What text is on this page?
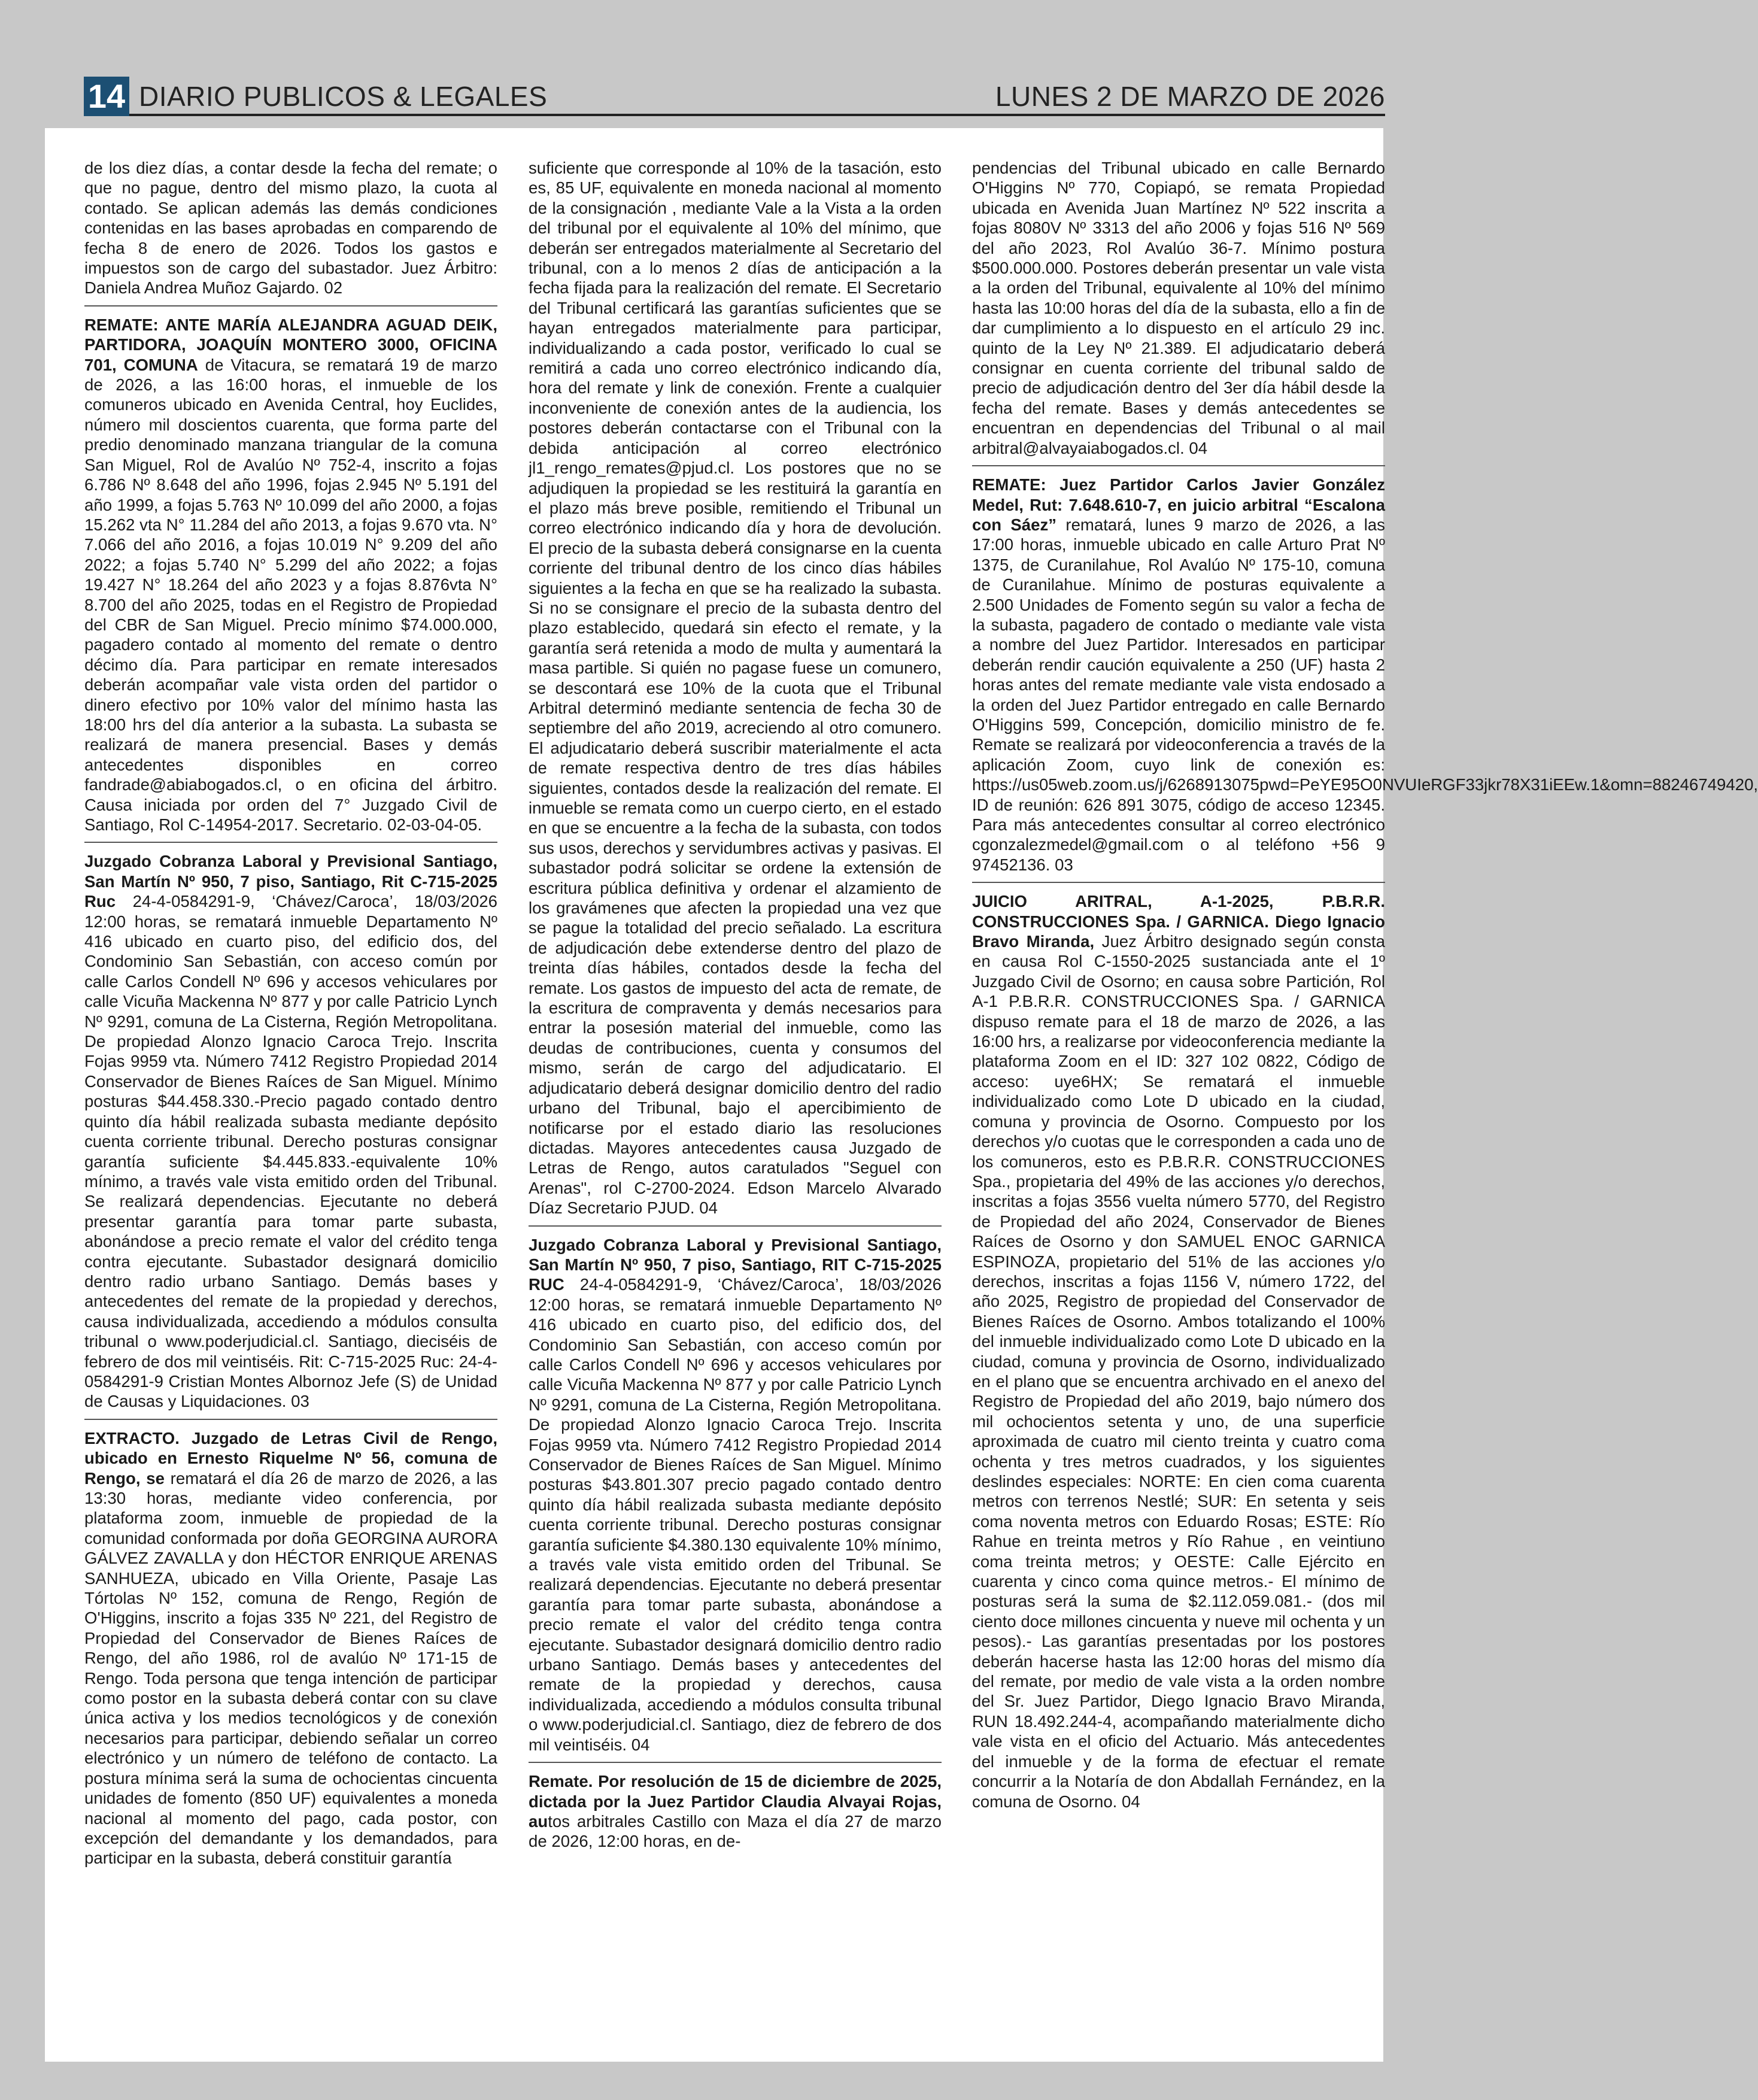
14 DIARIO PUBLICOS & LEGALES	LUNES 2 DE MARZO DE 2026

de los diez días, a contar desde la fecha del remate; o que no pague, dentro del mismo plazo, la cuota al contado. Se aplican además las demás condiciones contenidas en las bases aprobadas en comparendo de fecha 8 de enero de 2026. Todos los gastos e impuestos son de cargo del subastador. Juez Árbitro: Daniela Andrea Muñoz Gajardo. 02

REMATE: ANTE MARÍA ALEJANDRA AGUAD DEIK, PARTIDORA, JOAQUÍN MONTERO 3000, OFICINA 701, COMUNA de Vitacura, se rematará 19 de marzo de 2026, a las 16:00 horas, el inmueble de los comuneros ubicado en Avenida Central, hoy Euclides, número mil doscientos cuarenta, que forma parte del predio denominado manzana triangular de la comuna San Miguel, Rol de Avalúo Nº 752-4, inscrito a fojas 6.786 Nº 8.648 del año 1996, fojas 2.945 Nº 5.191 del año 1999, a fojas 5.763 Nº 10.099 del año 2000, a fojas 15.262 vta N° 11.284 del año 2013, a fojas 9.670 vta. N° 7.066 del año 2016, a fojas 10.019 N° 9.209 del año 2022; a fojas 5.740 N° 5.299 del año 2022; a fojas 19.427 N° 18.264 del año 2023 y a fojas 8.876vta N° 8.700 del año 2025, todas en el Registro de Propiedad del CBR de San Miguel. Precio mínimo $74.000.000, pagadero contado al momento del remate o dentro décimo día. Para participar en remate interesados deberán acompañar vale vista orden del partidor o dinero efectivo por 10% valor del mínimo hasta las 18:00 hrs del día anterior a la subasta. La subasta se realizará de manera presencial. Bases y demás antecedentes disponibles en correo fandrade@abiabogados.cl, o en oficina del árbitro. Causa iniciada por orden del 7° Juzgado Civil de Santiago, Rol C-14954-2017. Secretario. 02-03-04-05.

Juzgado Cobranza Laboral y Previsional Santiago, San Martín Nº 950, 7 piso, Santiago, Rit C-715-2025 Ruc 24-4-0584291-9, ‘Chávez/Caroca’, 18/03/2026 12:00 horas, se rematará inmueble Departamento Nº 416 ubicado en cuarto piso, del edificio dos, del Condominio San Sebastián, con acceso común por calle Carlos Condell Nº 696 y accesos vehiculares por calle Vicuña Mackenna Nº 877 y por calle Patricio Lynch Nº 9291, comuna de La Cisterna, Región Metropolitana. De propiedad Alonzo Ignacio Caroca Trejo. Inscrita Fojas 9959 vta. Número 7412 Registro Propiedad 2014 Conservador de Bienes Raíces de San Miguel. Mínimo posturas $44.458.330.-Precio pagado contado dentro quinto día hábil realizada subasta mediante depósito cuenta corriente tribunal. Derecho posturas consignar garantía suficiente $4.445.833.-equivalente 10% mínimo, a través vale vista emitido orden del Tribunal. Se realizará dependencias. Ejecutante no deberá presentar garantía para tomar parte subasta, abonándose a precio remate el valor del crédito tenga contra ejecutante. Subastador designará domicilio dentro radio urbano Santiago. Demás bases y antecedentes del remate de la propiedad y derechos, causa individualizada, accediendo a módulos consulta tribunal o www.poderjudicial.cl. Santiago, dieciséis de febrero de dos mil veintiséis. Rit: C-715-2025 Ruc: 24-4-0584291-9 Cristian Montes Albornoz Jefe (S) de Unidad de Causas y Liquidaciones. 03

EXTRACTO. Juzgado de Letras Civil de Rengo, ubicado en Ernesto Riquelme Nº 56, comuna de Rengo, se rematará el día 26 de marzo de 2026, a las 13:30 horas, mediante video conferencia, por plataforma zoom, inmueble de propiedad de la comunidad conformada por doña GEORGINA AURORA GÁLVEZ ZAVALLA y don HÉCTOR ENRIQUE ARENAS SANHUEZA, ubicado en Villa Oriente, Pasaje Las Tórtolas Nº 152, comuna de Rengo, Región de O'Higgins, inscrito a fojas 335 Nº 221, del Registro de Propiedad del Conservador de Bienes Raíces de Rengo, del año 1986, rol de avalúo Nº 171-15 de Rengo. Toda persona que tenga intención de participar como postor en la subasta deberá contar con su clave única activa y los medios tecnológicos y de conexión necesarios para participar, debiendo señalar un correo electrónico y un número de teléfono de contacto. La postura mínima será la suma de ochocientas cincuenta unidades de fomento (850 UF) equivalentes a moneda nacional al momento del pago, cada postor, con excepción del demandante y los demandados, para participar en la subasta, deberá constituir garantía

suficiente que corresponde al 10% de la tasación, esto es, 85 UF, equivalente en moneda nacional al momento de la consignación , mediante Vale a la Vista a la orden del tribunal por el equivalente al 10% del mínimo, que deberán ser entregados materialmente al Secretario del tribunal, con a lo menos 2 días de anticipación a la fecha fijada para la realización del remate. El Secretario del Tribunal certificará las garantías suficientes que se hayan entregados materialmente para participar, individualizando a cada postor, verificado lo cual se remitirá a cada uno correo electrónico indicando día, hora del remate y link de conexión. Frente a cualquier inconveniente de conexión antes de la audiencia, los postores deberán contactarse con el Tribunal con la debida anticipación al correo electrónico jl1_rengo_remates@pjud.cl. Los postores que no se adjudiquen la propiedad se les restituirá la garantía en el plazo más breve posible, remitiendo el Tribunal un correo electrónico indicando día y hora de devolución. El precio de la subasta deberá consignarse en la cuenta corriente del tribunal dentro de los cinco días hábiles siguientes a la fecha en que se ha realizado la subasta. Si no se consignare el precio de la subasta dentro del plazo establecido, quedará sin efecto el remate, y la garantía será retenida a modo de multa y aumentará la masa partible. Si quién no pagase fuese un comunero, se descontará ese 10% de la cuota que el Tribunal Arbitral determinó mediante sentencia de fecha 30 de septiembre del año 2019, acreciendo al otro comunero. El adjudicatario deberá suscribir materialmente el acta de remate respectiva dentro de tres días hábiles siguientes, contados desde la realización del remate. El inmueble se remata como un cuerpo cierto, en el estado en que se encuentre a la fecha de la subasta, con todos sus usos, derechos y servidumbres activas y pasivas. El subastador podrá solicitar se ordene la extensión de escritura pública definitiva y ordenar el alzamiento de los gravámenes que afecten la propiedad una vez que se pague la totalidad del precio señalado. La escritura de adjudicación debe extenderse dentro del plazo de treinta días hábiles, contados desde la fecha del remate. Los gastos de impuesto del acta de remate, de la escritura de compraventa y demás necesarios para entrar la posesión material del inmueble, como las deudas de contribuciones, cuenta y consumos del mismo, serán de cargo del adjudicatario. El adjudicatario deberá designar domicilio dentro del radio urbano del Tribunal, bajo el apercibimiento de notificarse por el estado diario las resoluciones dictadas. Mayores antecedentes causa Juzgado de Letras de Rengo, autos caratulados "Seguel con Arenas", rol C-2700-2024. Edson Marcelo Alvarado Díaz Secretario PJUD. 04

Juzgado Cobranza Laboral y Previsional Santiago, San Martín Nº 950, 7 piso, Santiago, RIT C-715-2025 RUC 24-4-0584291-9, ‘Chávez/Caroca’, 18/03/2026 12:00 horas, se rematará inmueble Departamento Nº 416 ubicado en cuarto piso, del edificio dos, del Condominio San Sebastián, con acceso común por calle Carlos Condell Nº 696 y accesos vehiculares por calle Vicuña Mackenna Nº 877 y por calle Patricio Lynch Nº 9291, comuna de La Cisterna, Región Metropolitana. De propiedad Alonzo Ignacio Caroca Trejo. Inscrita Fojas 9959 vta. Número 7412 Registro Propiedad 2014 Conservador de Bienes Raíces de San Miguel. Mínimo posturas $43.801.307 precio pagado contado dentro quinto día hábil realizada subasta mediante depósito cuenta corriente tribunal. Derecho posturas consignar garantía suficiente $4.380.130 equivalente 10% mínimo, a través vale vista emitido orden del Tribunal. Se realizará dependencias. Ejecutante no deberá presentar garantía para tomar parte subasta, abonándose a precio remate el valor del crédito tenga contra ejecutante. Subastador designará domicilio dentro radio urbano Santiago. Demás bases y antecedentes del remate de la propiedad y derechos, causa individualizada, accediendo a módulos consulta tribunal o www.poderjudicial.cl. Santiago, diez de febrero de dos mil veintiséis. 04

Remate. Por resolución de 15 de diciembre de 2025, dictada por la Juez Partidor Claudia Alvayai Rojas, autos arbitrales Castillo con Maza el día 27 de marzo de 2026, 12:00 horas, en de-

pendencias del Tribunal ubicado en calle Bernardo O'Higgins Nº 770, Copiapó, se remata Propiedad ubicada en Avenida Juan Martínez Nº 522 inscrita a fojas 8080V Nº 3313 del año 2006 y fojas 516 Nº 569 del año 2023, Rol Avalúo 36-7. Mínimo postura $500.000.000. Postores deberán presentar un vale vista a la orden del Tribunal, equivalente al 10% del mínimo hasta las 10:00 horas del día de la subasta, ello a fin de dar cumplimiento a lo dispuesto en el artículo 29 inc. quinto de la Ley Nº 21.389. El adjudicatario deberá consignar en cuenta corriente del tribunal saldo de precio de adjudicación dentro del 3er día hábil desde la fecha del remate. Bases y demás antecedentes se encuentran en dependencias del Tribunal o al mail arbitral@alvayaiabogados.cl. 04

REMATE: Juez Partidor Carlos Javier González Medel, Rut: 7.648.610-7, en juicio arbitral “Escalona con Sáez” rematará, lunes 9 marzo de 2026, a las 17:00 horas, inmueble ubicado en calle Arturo Prat Nº 1375, de Curanilahue, Rol Avalúo Nº 175-10, comuna de Curanilahue. Mínimo de posturas equivalente a 2.500 Unidades de Fomento según su valor a fecha de la subasta, pagadero de contado o mediante vale vista a nombre del Juez Partidor. Interesados en participar deberán rendir caución equivalente a 250 (UF) hasta 2 horas antes del remate mediante vale vista endosado a la orden del Juez Partidor entregado en calle Bernardo O'Higgins 599, Concepción, domicilio ministro de fe. Remate se realizará por videoconferencia a través de la aplicación Zoom, cuyo link de conexión es: https://us05web.zoom.us/j/6268913075pwd=PeYE95O0NVUIeRGF33jkr78X31iEEw.1&omn=88246749420, ID de reunión: 626 891 3075, código de acceso 12345. Para más antecedentes consultar al correo electrónico cgonzalezmedel@gmail.com o al teléfono +56 9 97452136. 03

JUICIO ARITRAL, A-1-2025, P.B.R.R. CONSTRUCCIONES Spa. / GARNICA. Diego Ignacio Bravo Miranda, Juez Árbitro designado según consta en causa Rol C-1550-2025 sustanciada ante el 1º Juzgado Civil de Osorno; en causa sobre Partición, Rol A-1 P.B.R.R. CONSTRUCCIONES Spa. / GARNICA dispuso remate para el 18 de marzo de 2026, a las 16:00 hrs, a realizarse por videoconferencia mediante la plataforma Zoom en el ID: 327 102 0822, Código de acceso: uye6HX; Se rematará el inmueble individualizado como Lote D ubicado en la ciudad, comuna y provincia de Osorno. Compuesto por los derechos y/o cuotas que le corresponden a cada uno de los comuneros, esto es P.B.R.R. CONSTRUCCIONES Spa., propietaria del 49% de las acciones y/o derechos, inscritas a fojas 3556 vuelta número 5770, del Registro de Propiedad del año 2024, Conservador de Bienes Raíces de Osorno y don SAMUEL ENOC GARNICA ESPINOZA, propietario del 51% de las acciones y/o derechos, inscritas a fojas 1156 V, número 1722, del año 2025, Registro de propiedad del Conservador de Bienes Raíces de Osorno. Ambos totalizando el 100% del inmueble individualizado como Lote D ubicado en la ciudad, comuna y provincia de Osorno, individualizado en el plano que se encuentra archivado en el anexo del Registro de Propiedad del año 2019, bajo número dos mil ochocientos setenta y uno, de una superficie aproximada de cuatro mil ciento treinta y cuatro coma ochenta y tres metros cuadrados, y los siguientes deslindes especiales: NORTE: En cien coma cuarenta metros con terrenos Nestlé; SUR: En setenta y seis coma noventa metros con Eduardo Rosas; ESTE: Río Rahue en treinta metros y Río Rahue , en veintiuno coma treinta metros; y OESTE: Calle Ejército en cuarenta y cinco coma quince metros.- El mínimo de posturas será la suma de $2.112.059.081.- (dos mil ciento doce millones cincuenta y nueve mil ochenta y un pesos).- Las garantías presentadas por los postores deberán hacerse hasta las 12:00 horas del mismo día del remate, por medio de vale vista a la orden nombre del Sr. Juez Partidor, Diego Ignacio Bravo Miranda, RUN 18.492.244-4, acompañando materialmente dicho vale vista en el oficio del Actuario. Más antecedentes del inmueble y de la forma de efectuar el remate concurrir a la Notaría de don Abdallah Fernández, en la comuna de Osorno. 04
